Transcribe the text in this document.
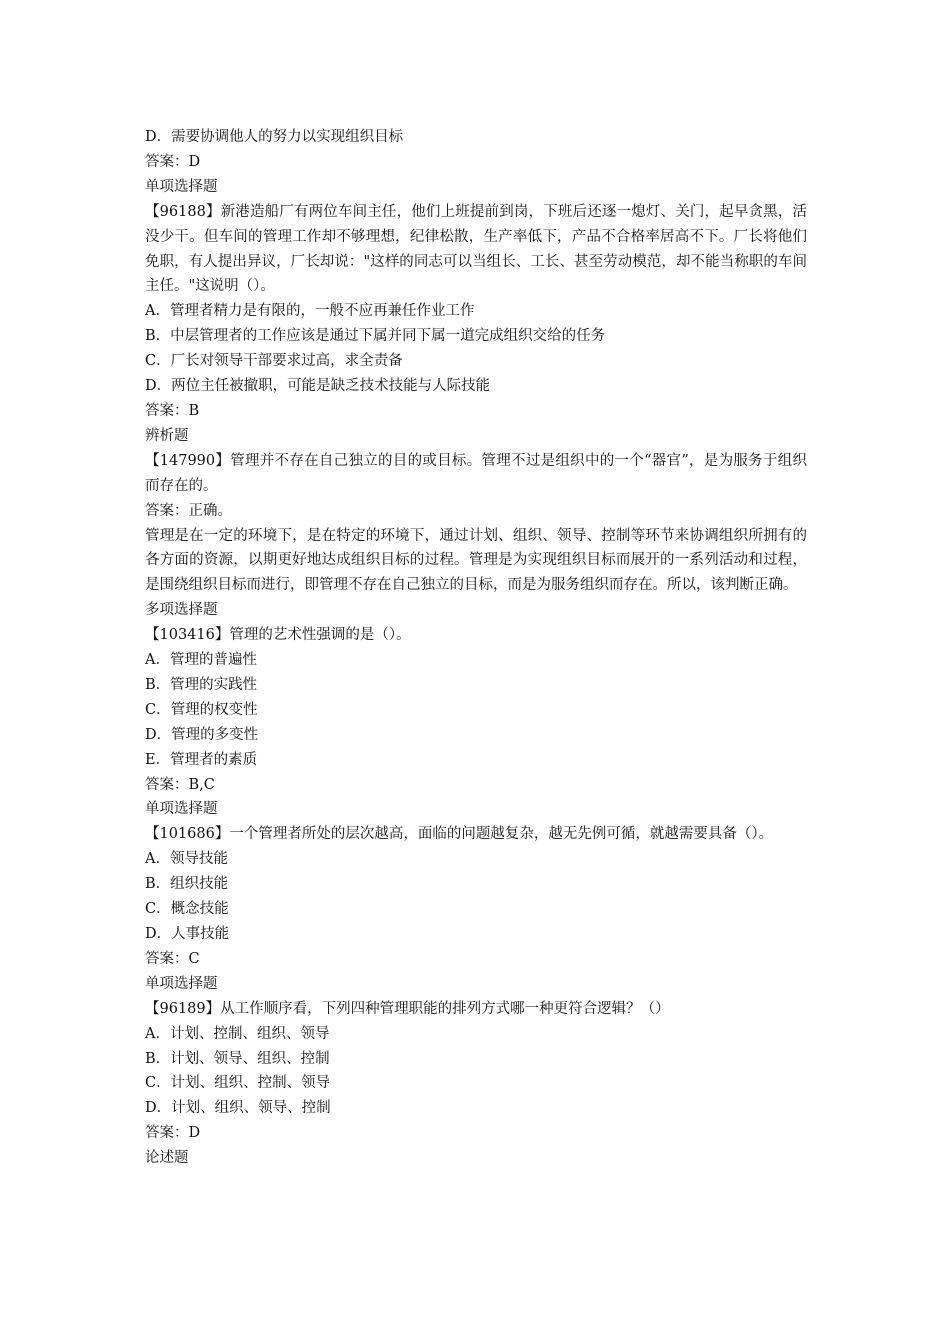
D．需要协调他人的努力以实现组织目标
答案：D
单项选择题
【96188】新港造船厂有两位车间主任，他们上班提前到岗，下班后还逐一熄灯、关门，起早贪黑，活没少干。但车间的管理工作却不够理想，纪律松散，生产率低下，产品不合格率居高不下。厂长将他们免职，有人提出异议，厂长却说："这样的同志可以当组长、工长、甚至劳动模范，却不能当称职的车间主任。"这说明（）。
A．管理者精力是有限的，一般不应再兼任作业工作
B．中层管理者的工作应该是通过下属并同下属一道完成组织交给的任务
C．厂长对领导干部要求过高，求全责备
D．两位主任被撤职，可能是缺乏技术技能与人际技能
答案：B
辨析题
【147990】管理并不存在自己独立的目的或目标。管理不过是组织中的一个“器官”，是为服务于组织而存在的。
答案：正确。
管理是在一定的环境下，是在特定的环境下，通过计划、组织、领导、控制等环节来协调组织所拥有的各方面的资源，以期更好地达成组织目标的过程。管理是为实现组织目标而展开的一系列活动和过程，是围绕组织目标而进行，即管理不存在自己独立的目标，而是为服务组织而存在。所以，该判断正确。
多项选择题
【103416】管理的艺术性强调的是（）。
A．管理的普遍性
B．管理的实践性
C．管理的权变性
D．管理的多变性
E．管理者的素质
答案：B,C
单项选择题
【101686】一个管理者所处的层次越高，面临的问题越复杂，越无先例可循，就越需要具备（）。
A．领导技能
B．组织技能
C．概念技能
D．人事技能
答案：C
单项选择题
【96189】从工作顺序看，下列四种管理职能的排列方式哪一种更符合逻辑？（）
A．计划、控制、组织、领导
B．计划、领导、组织、控制
C．计划、组织、控制、领导
D．计划、组织、领导、控制
答案：D
论述题
